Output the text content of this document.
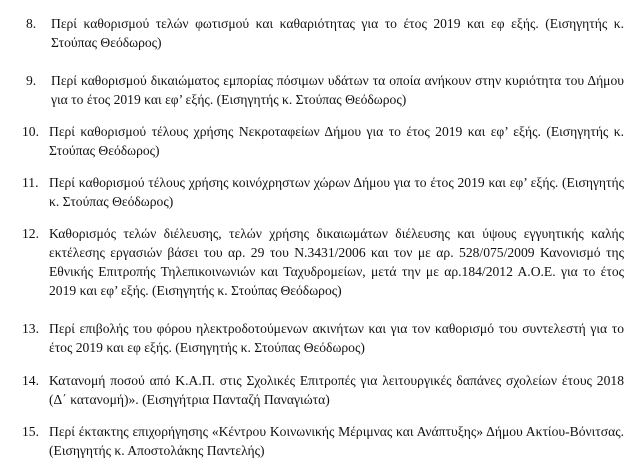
8. Περί καθορισμού τελών φωτισμού και καθαριότητας για το έτος 2019 και εφ εξής. (Εισηγητής κ. Στούπας Θεόδωρος)
9. Περί καθορισμού δικαιώματος εμπορίας πόσιμων υδάτων τα οποία ανήκουν στην κυριότητα του Δήμου για το έτος 2019 και εφ’ εξής. (Εισηγητής κ. Στούπας Θεόδωρος)
10. Περί καθορισμού τέλους χρήσης Νεκροταφείων Δήμου για το έτος 2019 και εφ’ εξής. (Εισηγητής κ. Στούπας Θεόδωρος)
11. Περί καθορισμού τέλους χρήσης κοινόχρηστων χώρων Δήμου για το έτος 2019 και εφ’ εξής. (Εισηγητής κ. Στούπας Θεόδωρος)
12. Καθορισμός τελών διέλευσης, τελών χρήσης δικαιωμάτων διέλευσης και ύψους εγγυητικής καλής εκτέλεσης εργασιών βάσει του αρ. 29 του Ν.3431/2006 και τον με αρ. 528/075/2009 Κανονισμό της Εθνικής Επιτροπής Τηλεπικοινωνιών και Ταχυδρομείων, μετά την με αρ.184/2012 Α.Ο.Ε. για το έτος 2019 και εφ’ εξής. (Εισηγητής κ. Στούπας Θεόδωρος)
13. Περί επιβολής του φόρου ηλεκτροδοτούμενων ακινήτων και για τον καθορισμό του συντελεστή για το έτος 2019 και εφ εξής. (Εισηγητής κ. Στούπας Θεόδωρος)
14. Κατανομή ποσού από Κ.Α.Π. στις Σχολικές Επιτροπές για λειτουργικές δαπάνες σχολείων έτους 2018 (Δ΄ κατανομή)». (Εισηγήτρια Πανταζή Παναγιώτα)
15. Περί έκτακτης επιχορήγησης «Κέντρου Κοινωνικής Μέριμνας και Ανάπτυξης» Δήμου Ακτίου-Βόνιτσας. (Εισηγητής κ. Αποστολάκης Παντελής)
